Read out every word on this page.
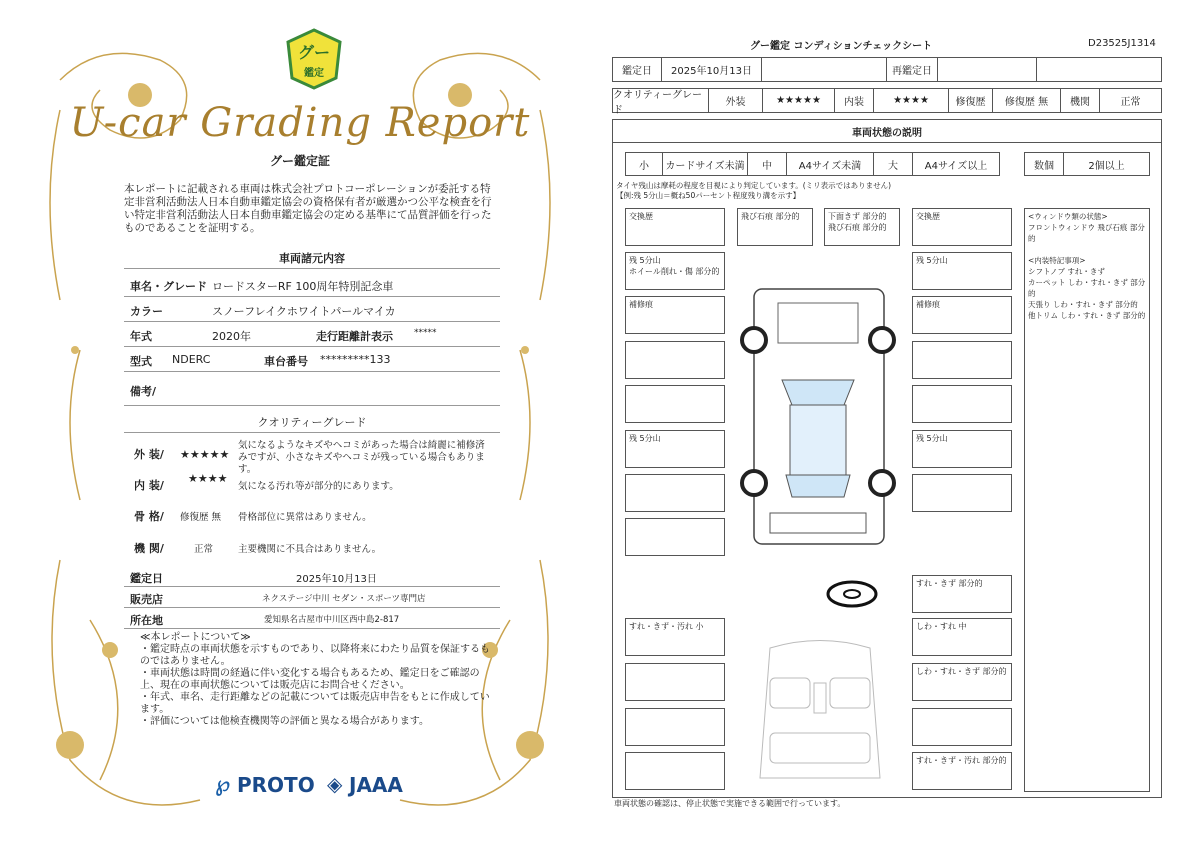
グー
鑑定
U-car Grading Report
グー鑑定証
本レポートに記載される車両は株式会社プロトコーポレーションが委託する特定非営利活動法人日本自動車鑑定協会の資格保有者が厳選かつ公平な検査を行い特定非営利活動法人日本自動車鑑定協会の定める基準にて品質評価を行ったものであることを証明する。
車両諸元内容
車名・グレード ロードスターRF 100周年特別記念車
カラー	スノーフレイクホワイトパールマイカ
年式	2020年	走行距離計表示 *****
型式 NDERC	車台番号 *********133
備考/
クオリティーグレード
外 装/ ★★★★★
気になるようなキズやヘコミがあった場合は綺麗に補修済みですが、小さなキズやヘコミが残っている場合もあります。
内 装/
★★★★
気になる汚れ等が部分的にあります。
骨 格/ 修復歴 無 骨格部位に異常はありません。
機 関/	正常	主要機関に不具合はありません。
鑑定日	2025年10月13日
販売店	ネクステージ中川 セダン・スポーツ専門店
所在地	愛知県名古屋市中川区西中島2-817
≪本レポートについて≫
・鑑定時点の車両状態を示すものであり、以降将来にわたり品質を保証するものではありません。
・車両状態は時間の経過に伴い変化する場合もあるため、鑑定日をご確認の上、現在の車両状態については販売店にお問合せください。
・年式、車名、走行距離などの記載については販売店申告をもとに作成しています。
・評価については他検査機関等の評価と異なる場合があります。
℘ PROTO ◈ JAAA
グー鑑定 コンディションチェックシート	D23525J1314
鑑定日	2025年10月13日	再鑑定日
クオリティーグレード
外装	★★★★★	内装	★★★★	修復歴	修復歴 無	機関	正常
車両状態の説明
小	カードサイズ未満	中	A4サイズ未満	大	A4サイズ以上	数個	2個以上
タイヤ残山は摩耗の程度を目視により判定しています。(ミリ表示ではありません)
【例:残 5分山＝概ね50パーセント程度残り溝を示す】
交換歴
残 5分山
ホイール削れ・傷 部分的
補修痕
残 5分山
飛び石痕 部分的	下面きず 部分的
飛び石痕 部分的
交換歴
残 5分山
補修痕
残 5分山
すれ・きず 部分的
すれ・きず・汚れ 小	しわ・すれ 中
しわ・すれ・きず 部分的
すれ・きず・汚れ 部分的
<ウィンドウ類の状態>
フロントウィンドウ 飛び石痕 部分的

<内装特記事項>
シフトノブ すれ・きず
カーペット しわ・すれ・きず 部分的
天張り しわ・すれ・きず 部分的
他トリム しわ・すれ・きず 部分的
車両状態の確認は、停止状態で実施できる範囲で行っています。
